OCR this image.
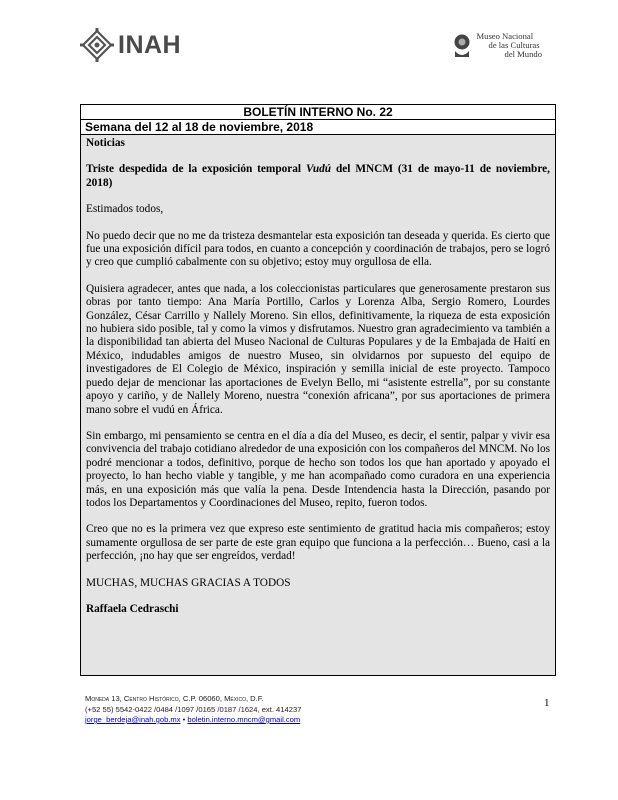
INAH	Museo Nacional
de las Culturas
del Mundo
BOLETÍN INTERNO No. 22
Semana del 12 al 18 de noviembre, 2018

Noticias

Triste despedida de la exposición temporal Vudú del MNCM (31 de mayo-11 de noviembre, 2018)

Estimados todos,

No puedo decir que no me da tristeza desmantelar esta exposición tan deseada y querida. Es cierto que fue una exposición difícil para todos, en cuanto a concepción y coordinación de trabajos, pero se logró y creo que cumplió cabalmente con su objetivo; estoy muy orgullosa de ella.

Quisiera agradecer, antes que nada, a los coleccionistas particulares que generosamente prestaron sus obras por tanto tiempo: Ana María Portillo, Carlos y Lorenza Alba, Sergio Romero, Lourdes González, César Carrillo y Nallely Moreno. Sin ellos, definitivamente, la riqueza de esta exposición no hubiera sido posible, tal y como la vimos y disfrutamos. Nuestro gran agradecimiento va también a la disponibilidad tan abierta del Museo Nacional de Culturas Populares y de la Embajada de Haití en México, indudables amigos de nuestro Museo, sin olvidarnos por supuesto del equipo de investigadores de El Colegio de México, inspiración y semilla inicial de este proyecto. Tampoco puedo dejar de mencionar las aportaciones de Evelyn Bello, mi “asistente estrella”, por su constante apoyo y cariño, y de Nallely Moreno, nuestra “conexión africana”, por sus aportaciones de primera mano sobre el vudú en África.

Sin embargo, mi pensamiento se centra en el día a día del Museo, es decir, el sentir, palpar y vivir esa convivencia del trabajo cotidiano alrededor de una exposición con los compañeros del MNCM. No los podré mencionar a todos, definitivo, porque de hecho son todos los que han aportado y apoyado el proyecto, lo han hecho viable y tangible, y me han acompañado como curadora en una experiencia más, en una exposición más que valía la pena. Desde Intendencia hasta la Dirección, pasando por todos los Departamentos y Coordinaciones del Museo, repito, fueron todos.

Creo que no es la primera vez que expreso este sentimiento de gratitud hacia mis compañeros; estoy sumamente orgullosa de ser parte de este gran equipo que funciona a la perfección… Bueno, casi a la perfección, ¡no hay que ser engreídos, verdad!

MUCHAS, MUCHAS GRACIAS A TODOS

Raffaela Cedraschi

Moneda 13, Centro Histórico, C.P. 06060, México, D.F.
(+52 55) 5542-0422 /0484 /1097 /0165 /0187 /1624, ext. 414237
jorge_berdeja@inah.gob.mx • boletin.interno.mncm@gmail.com
1
